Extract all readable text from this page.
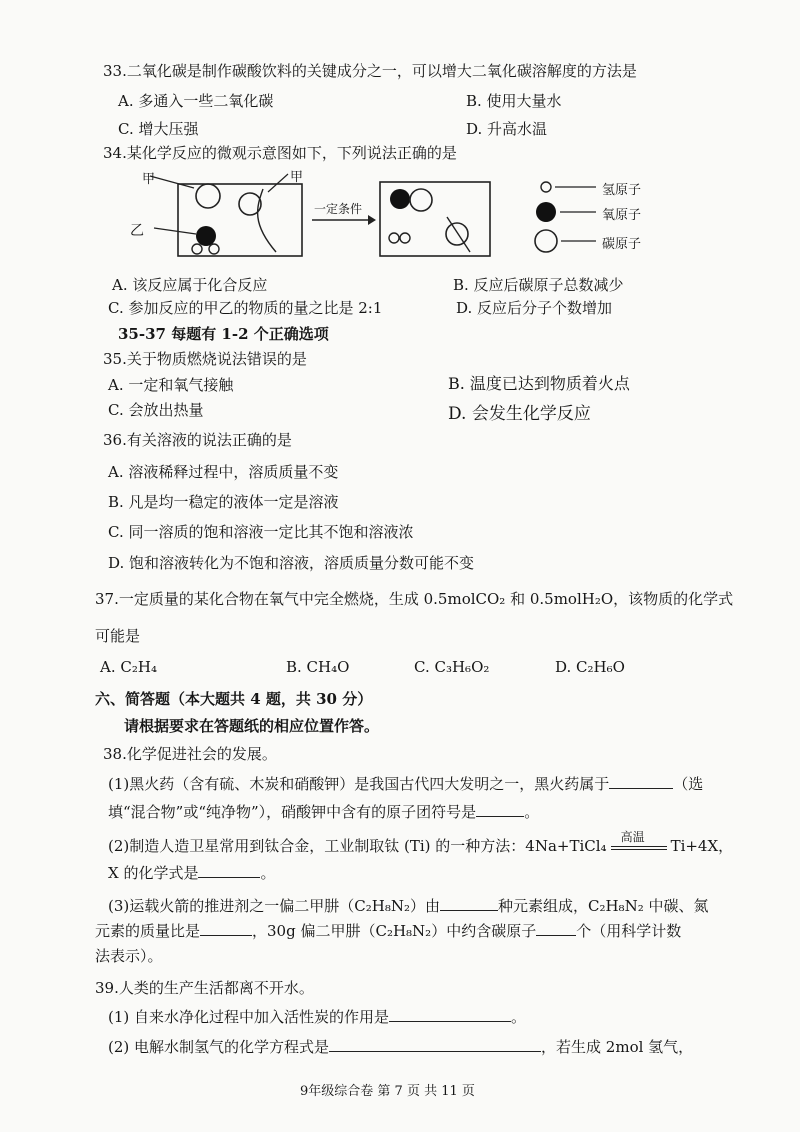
33.二氧化碳是制作碳酸饮料的关键成分之一，可以增大二氧化碳溶解度的方法是
A. 多通入一些二氧化碳	B. 使用大量水
C. 增大压强	D. 升高水温
34.某化学反应的微观示意图如下，下列说法正确的是
甲
乙
甲
一定条件
氢原子
氧原子
碳原子
A. 该反应属于化合反应	B. 反应后碳原子总数减少
C. 参加反应的甲乙的物质的量之比是 2:1	D. 反应后分子个数增加
35-37 每题有 1-2 个正确选项
35.关于物质燃烧说法错误的是
A. 一定和氧气接触	B. 温度已达到物质着火点
C. 会放出热量	D. 会发生化学反应
36.有关溶液的说法正确的是
A. 溶液稀释过程中，溶质质量不变
B. 凡是均一稳定的液体一定是溶液
C. 同一溶质的饱和溶液一定比其不饱和溶液浓
D. 饱和溶液转化为不饱和溶液，溶质质量分数可能不变
37.一定质量的某化合物在氧气中完全燃烧，生成 0.5molCO₂ 和 0.5molH₂O，该物质的化学式
可能是
A. C₂H₄	B. CH₄O	C. C₃H₆O₂	D. C₂H₆O
六、简答题（本大题共 4 题，共 30 分）
请根据要求在答题纸的相应位置作答。
38.化学促进社会的发展。
(1)黑火药（含有硫、木炭和硝酸钾）是我国古代四大发明之一，黑火药属于	（选
填“混合物”或“纯净物”），硝酸钾中含有的原子团符号是	。
(2)制造人造卫星常用到钛合金，工业制取钛 (Ti) 的一种方法：4Na+TiCl₄ 高温 Ti+4X，
X 的化学式是	。
(3)运载火箭的推进剂之一偏二甲肼（C₂H₈N₂）由	种元素组成，C₂H₈N₂ 中碳、氮
元素的质量比是	，30g 偏二甲肼（C₂H₈N₂）中约含碳原子	个（用科学计数
法表示）。
39.人类的生产生活都离不开水。
(1) 自来水净化过程中加入活性炭的作用是	。
(2) 电解水制氢气的化学方程式是	，若生成 2mol 氢气，
9年级综合卷 第 7 页 共 11 页
